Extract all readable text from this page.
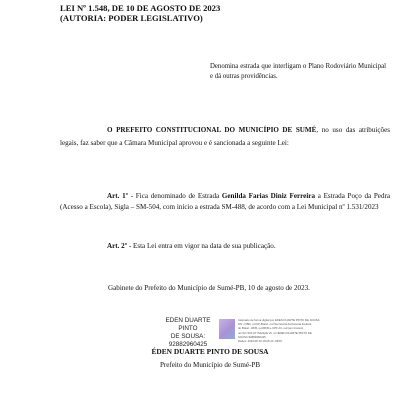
LEI Nº 1.548, DE 10 DE AGOSTO DE 2023

(AUTORIA: PODER LEGISLATIVO)

Denomina estrada que interligam o Plano Rodoviário Municipal e dá outras providências.

O PREFEITO CONSTITUCIONAL DO MUNICÍPIO DE SUMÉ, no uso das atribuições legais, faz saber que a Câmara Municipal aprovou e é sancionada a seguinte Lei:

Art. 1º - Fica denominado de Estrada Genilda Farias Diniz Ferreira a Estrada Poço da Pedra (Acesso a Escola), Sigla – SM-504, com início a estrada SM-488, de acordo com a Lei Municipal nº 1.531/2023

Art. 2º - Esta Lei entra em vigor na data de sua publicação.

Gabinete do Prefeito do Município de Sumé-PB, 10 de agosto de 2023.

EDEN DUARTE PINTO
DE SOUSA:
92882960425
Assinado de forma digital por EDEN DUARTE PINTO DE SOUSA
DN: c=BR, o=ICP-Brasil, ou=Secretaria da Receita Federal
do Brasil - RFB, ou=RFB e-CPF A3, ou=(em branco),
ou=AC SOLUTI Multipla v5, cn=EDEN DUARTE PINTO DE
SOUSA:92882960425
Dados: 2023.08.10 10:25:10 -03'00'

ÉDEN DUARTE PINTO DE SOUSA

Prefeito do Município de Sumé-PB
